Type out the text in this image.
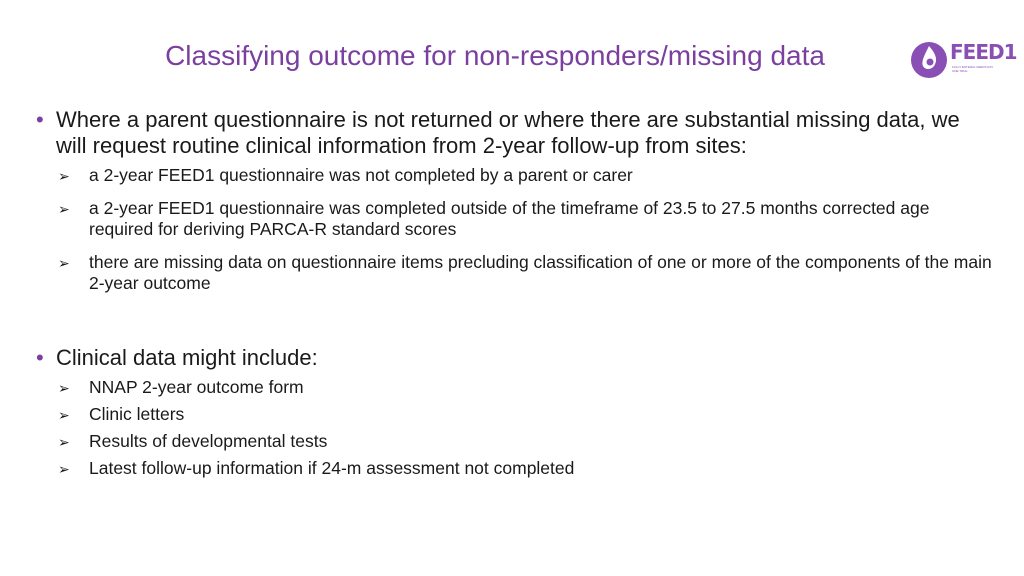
Classifying outcome for non-responders/missing data	FEED1
FULLY ENTERAL FEEDS DAY ONE TRIAL
• Where a parent questionnaire is not returned or where there are substantial missing data, we will request routine clinical information from 2-year follow-up from sites:
➢ a 2-year FEED1 questionnaire was not completed by a parent or carer
➢ a 2-year FEED1 questionnaire was completed outside of the timeframe of 23.5 to 27.5 months corrected age required for deriving PARCA-R standard scores
➢ there are missing data on questionnaire items precluding classification of one or more of the components of the main 2-year outcome
• Clinical data might include:
➢ NNAP 2-year outcome form
➢ Clinic letters
➢ Results of developmental tests
➢ Latest follow-up information if 24-m assessment not completed
